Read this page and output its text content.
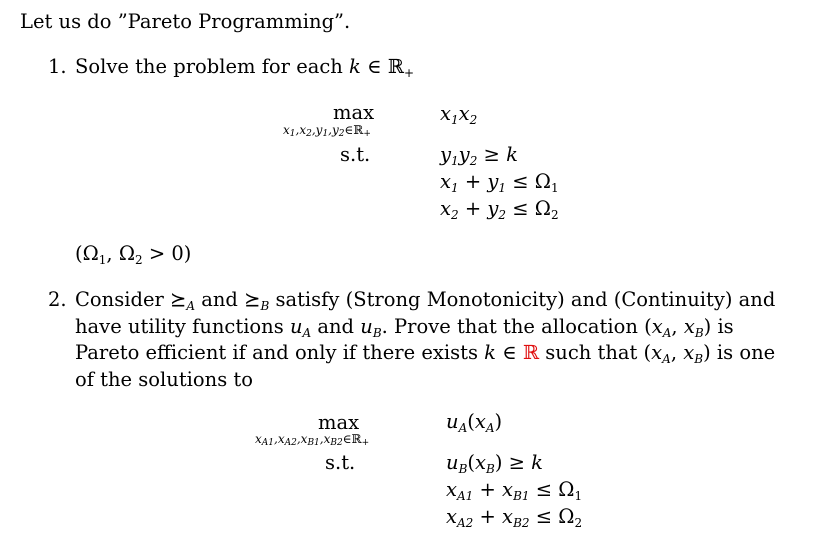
Let us do ”Pareto Programming”.
1. Solve the problem for each k ∈ ℝ$_+$
max
$x_1,x_2,y_1,y_2\in ℝ_+$
$x_1x_2$
s.t.	$y_1y_2 \ge k$
$x_1 + y_1 \le \Omega_1$
$x_2 + y_2 \le \Omega_2$
($\Omega_1$, $\Omega_2 > 0$)
2. Consider $⪰_A$ and $⪰_B$ satisfy (Strong Monotonicity) and (Continuity) and
have utility functions $u_A$ and $u_B$. Prove that the allocation ($x_A$, $x_B$) is
Pareto efficient if and only if there exists k ∈ ℝ such that ($x_A$, $x_B$) is one
of the solutions to
max
$x_{A1},x_{A2},x_{B1},x_{B2}\in ℝ_+$
$u_A(x_A)$
s.t.	$u_B(x_B) \ge k$
$x_{A1} + x_{B1} \le \Omega_1$
$x_{A2} + x_{B2} \le \Omega_2$
